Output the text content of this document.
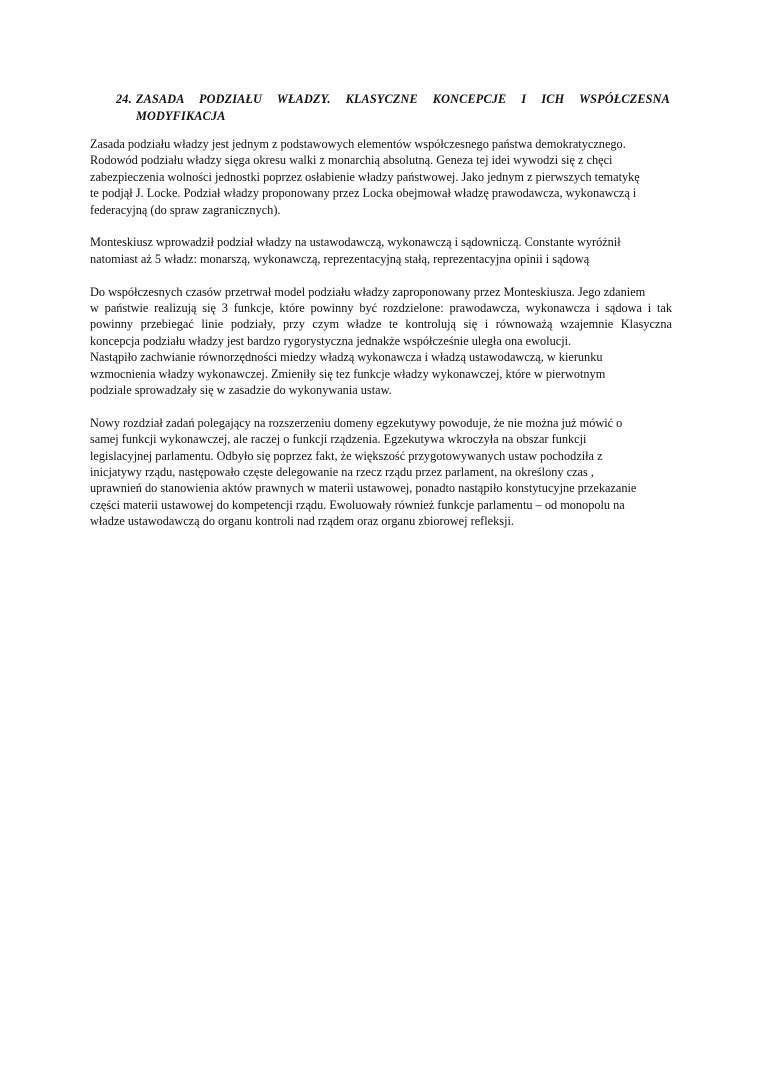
24. ZASADA PODZIAŁU WŁADZY. KLASYCZNE KONCEPCJE I ICH WSPÓŁCZESNA
MODYFIKACJA

Zasada podziału władzy jest jednym z podstawowych elementów współczesnego państwa demokratycznego.
Rodowód podziału władzy sięga okresu walki z monarchią absolutną. Geneza tej idei wywodzi się z chęci
zabezpieczenia wolności jednostki poprzez osłabienie władzy państwowej. Jako jednym z pierwszych tematykę
te podjął J. Locke. Podział władzy proponowany przez Locka obejmował władzę prawodawcza, wykonawczą i
federacyjną (do spraw zagranicznych).

Monteskiusz wprowadził podział władzy na ustawodawczą, wykonawczą i sądowniczą. Constante wyróżnił
natomiast aż 5 władz: monarszą, wykonawczą, reprezentacyjną stałą, reprezentacyjna opinii i sądową

Do współczesnych czasów przetrwał model podziału władzy zaproponowany przez Monteskiusza. Jego zdaniem
w państwie realizują się 3 funkcje, które powinny być rozdzielone: prawodawcza, wykonawcza i sądowa i tak
powinny przebiegać linie podziały, przy czym władze te kontrolują się i równoważą wzajemnie Klasyczna
koncepcja podziału władzy jest bardzo rygorystyczna jednakże współcześnie uległa ona ewolucji.
Nastąpiło zachwianie równorzędności miedzy władzą wykonawcza i władzą ustawodawczą, w kierunku
wzmocnienia władzy wykonawczej. Zmieniły się tez funkcje władzy wykonawczej, które w pierwotnym
podziale sprowadzały się w zasadzie do wykonywania ustaw.

Nowy rozdział zadań polegający na rozszerzeniu domeny egzekutywy powoduje, że nie można już mówić o
samej funkcji wykonawczej, ale raczej o funkcji rządzenia. Egzekutywa wkroczyła na obszar funkcji
legislacyjnej parlamentu. Odbyło się poprzez fakt, że większość przygotowywanych ustaw pochodziła z
inicjatywy rządu, następowało częste delegowanie na rzecz rządu przez parlament, na określony czas ,
uprawnień do stanowienia aktów prawnych w materii ustawowej, ponadto nastąpiło konstytucyjne przekazanie
części materii ustawowej do kompetencji rządu. Ewoluowały również funkcje parlamentu – od monopolu na
władze ustawodawczą do organu kontroli nad rządem oraz organu zbiorowej refleksji.
